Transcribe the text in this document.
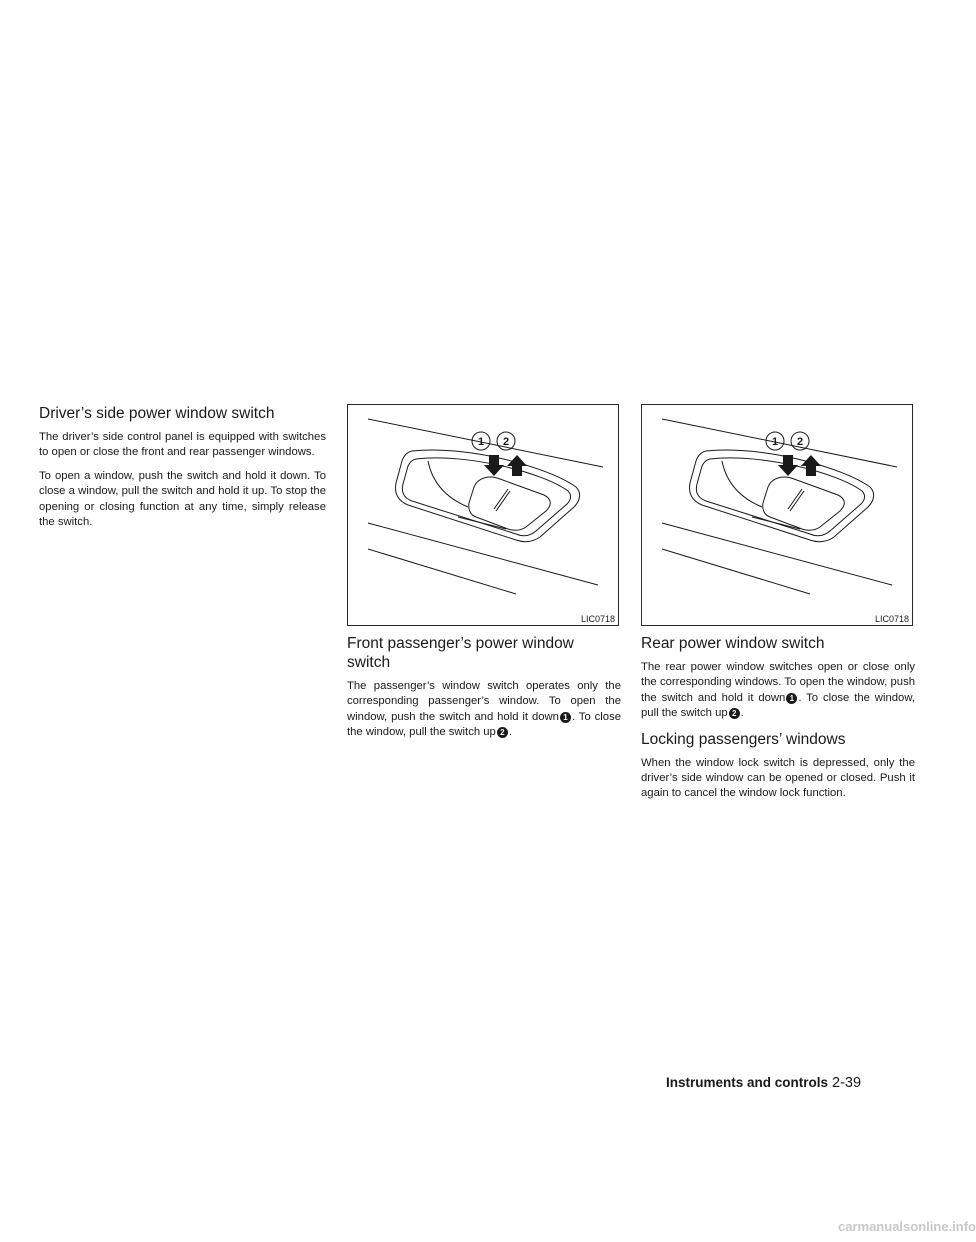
Driver’s side power window switch

The driver’s side control panel is equipped with switches to open or close the front and rear passenger windows.

To open a window, push the switch and hold it down. To close a window, pull the switch and hold it up. To stop the opening or closing function at any time, simply release the switch.

1 2
LIC0718
Front passenger’s power window switch

The passenger’s window switch operates only the corresponding passenger’s window. To open the window, push the switch and hold it down 1 . To close the window, pull the switch up 2 .

1 2
LIC0718
Rear power window switch

The rear power window switches open or close only the corresponding windows. To open the window, push the switch and hold it down 1 . To close the window, pull the switch up 2 .

Locking passengers’ windows

When the window lock switch is depressed, only the driver’s side window can be opened or closed. Push it again to cancel the window lock function.

Instruments and controls 2-39
carmanualsonline.info
